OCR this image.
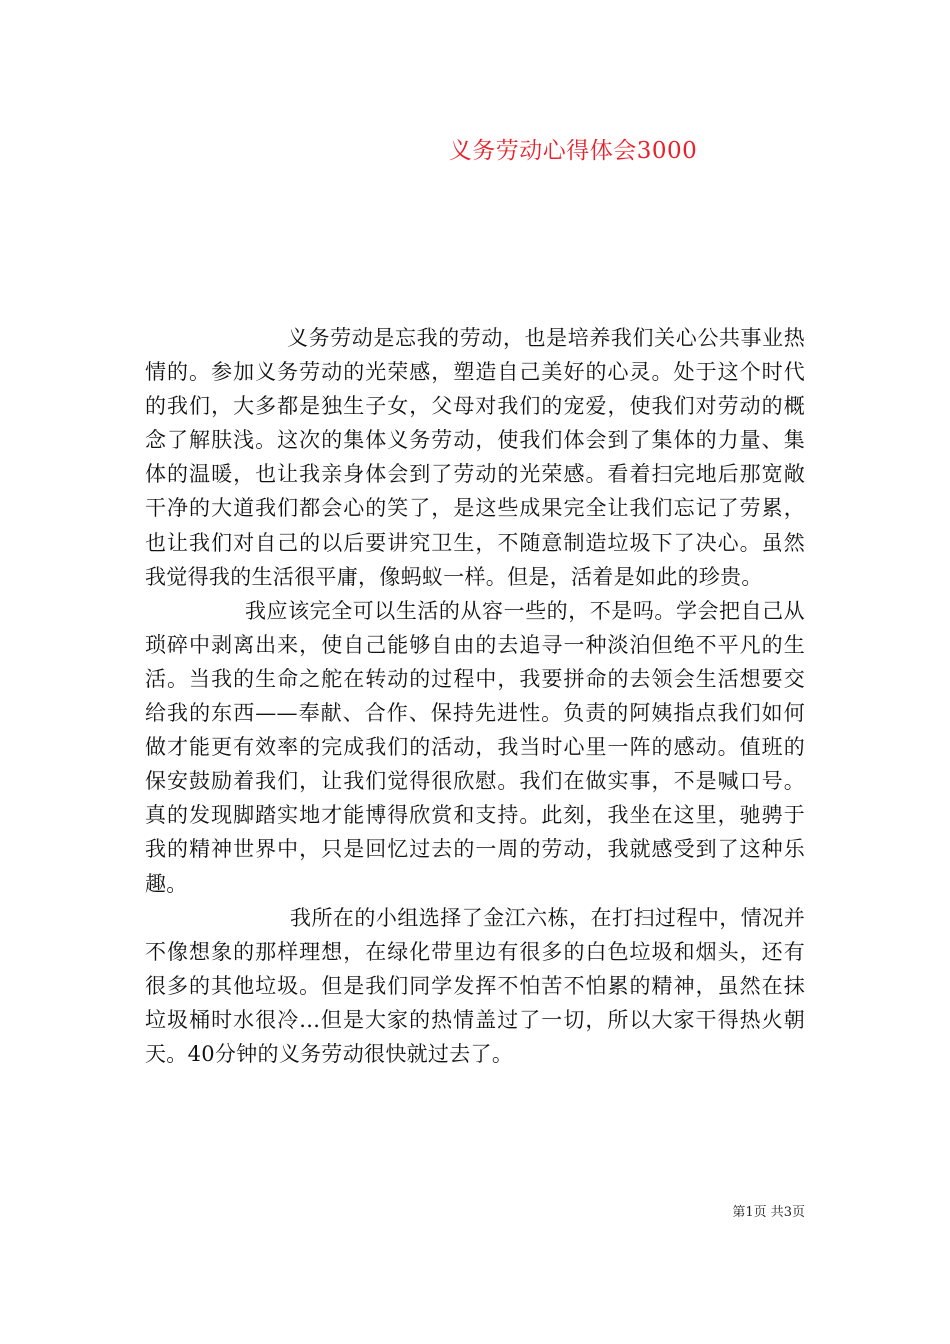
义务劳动心得体会3000

义务劳动是忘我的劳动，也是培养我们关心公共事业热情的。参加义务劳动的光荣感，塑造自己美好的心灵。处于这个时代的我们，大多都是独生子女，父母对我们的宠爱，使我们对劳动的概念了解肤浅。这次的集体义务劳动，使我们体会到了集体的力量、集体的温暖，也让我亲身体会到了劳动的光荣感。看着扫完地后那宽敞干净的大道我们都会心的笑了，是这些成果完全让我们忘记了劳累，也让我们对自己的以后要讲究卫生，不随意制造垃圾下了决心。虽然我觉得我的生活很平庸，像蚂蚁一样。但是，活着是如此的珍贵。

我应该完全可以生活的从容一些的，不是吗。学会把自己从琐碎中剥离出来，使自己能够自由的去追寻一种淡泊但绝不平凡的生活。当我的生命之舵在转动的过程中，我要拼命的去领会生活想要交给我的东西——奉献、合作、保持先进性。负责的阿姨指点我们如何做才能更有效率的完成我们的活动，我当时心里一阵的感动。值班的保安鼓励着我们，让我们觉得很欣慰。我们在做实事，不是喊口号。真的发现脚踏实地才能博得欣赏和支持。此刻，我坐在这里，驰骋于我的精神世界中，只是回忆过去的一周的劳动，我就感受到了这种乐趣。

我所在的小组选择了金江六栋，在打扫过程中，情况并不像想象的那样理想，在绿化带里边有很多的白色垃圾和烟头，还有很多的其他垃圾。但是我们同学发挥不怕苦不怕累的精神，虽然在抹垃圾桶时水很冷...但是大家的热情盖过了一切，所以大家干得热火朝天。40分钟的义务劳动很快就过去了。

第1页 共3页
